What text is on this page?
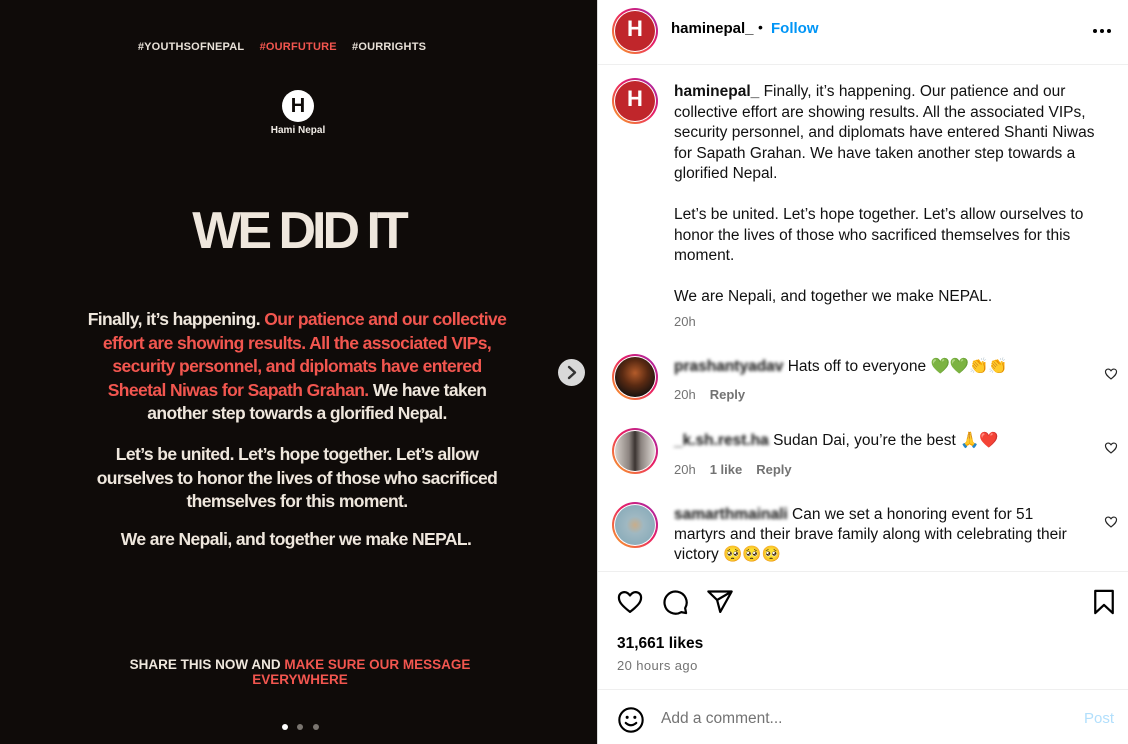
#YOUTHSOFNEPAL #OURFUTURE #OURRIGHTS
H
Hami Nepal
WE DID IT
Finally, it’s happening. Our patience and our collective effort are showing results. All the associated VIPs, security personnel, and diplomats have entered Sheetal Niwas for Sapath Grahan. We have taken another step towards a glorified Nepal.
Let’s be united. Let’s hope together. Let’s allow ourselves to honor the lives of those who sacrificed themselves for this moment.
We are Nepali, and together we make NEPAL.
SHARE THIS NOW AND MAKE SURE OUR MESSAGE EVERYWHERE

H	haminepal_ • Follow
H	haminepal_ Finally, it’s happening. Our patience and our collective effort are showing results. All the associated VIPs, security personnel, and diplomats have entered Shanti Niwas for Sapath Grahan. We have taken another step towards a glorified Nepal.

Let’s be united. Let’s hope together. Let’s allow ourselves to honor the lives of those who sacrificed themselves for this moment.

We are Nepali, and together we make NEPAL.

20h
prashantyadav Hats off to everyone 💚💚👏👏
20h Reply
_k.sh.rest.ha Sudan Dai, you’re the best 🙏❤️
20h 1 like Reply
samarthmainali Can we set a honoring event for 51 martyrs and their brave family along with celebrating their victory 🥺🥺🥺
31,661 likes
20 hours ago
Add a comment...
Post
